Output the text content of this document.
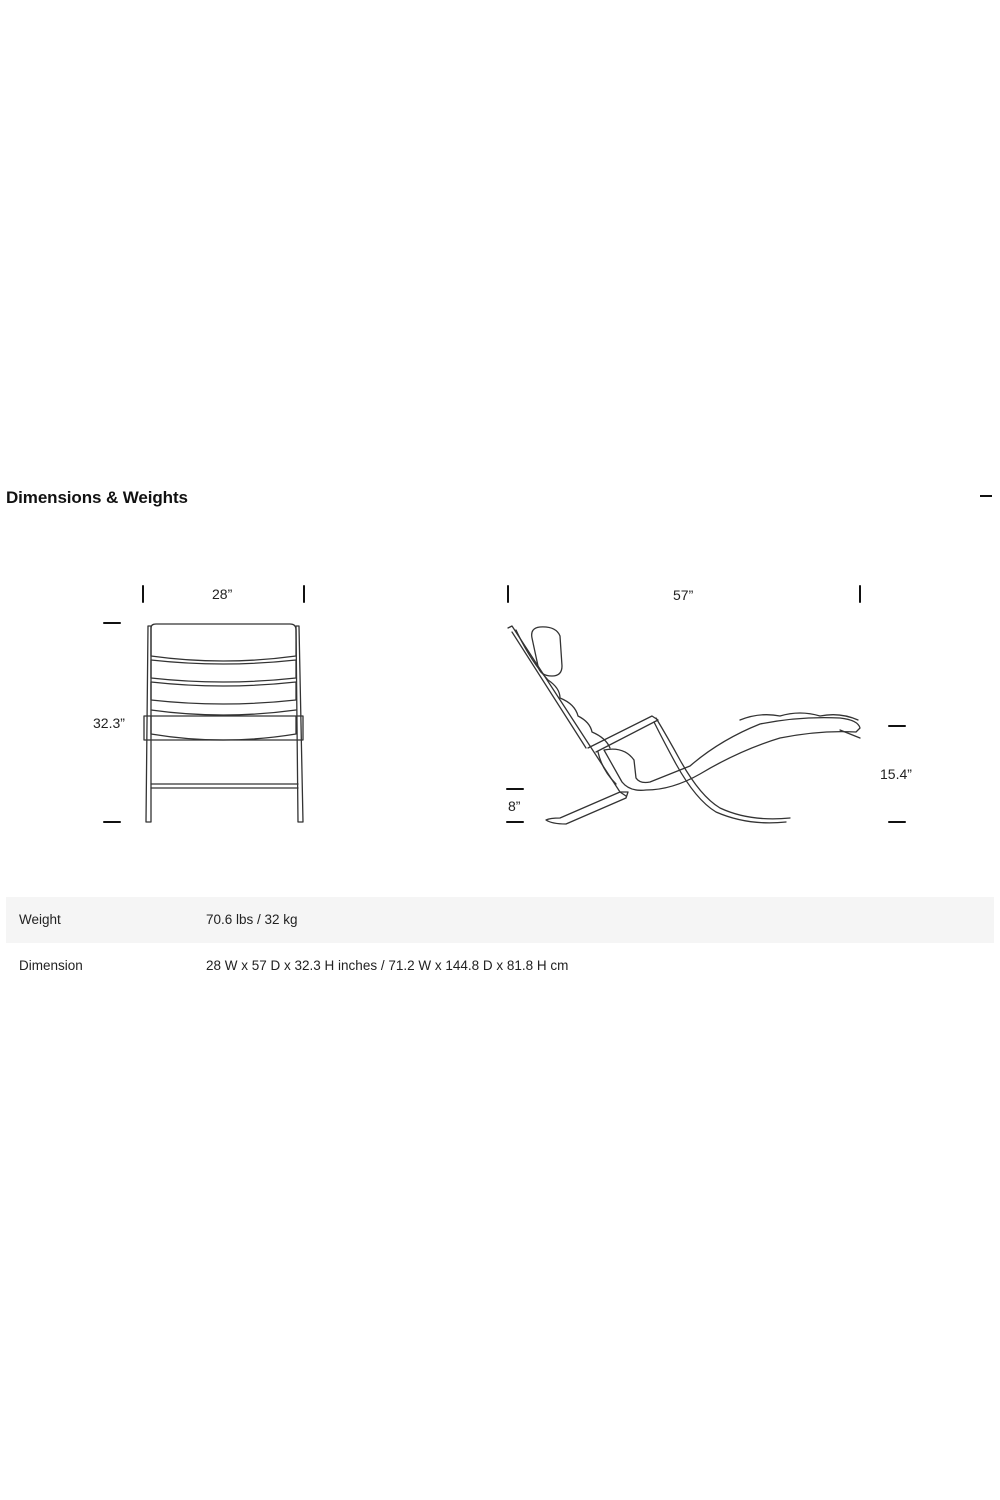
Dimensions & Weights
28”
32.3”
57”
15.4”
8”
Weight	70.6 lbs / 32 kg
Dimension	28 W x 57 D x 32.3 H inches / 71.2 W x 144.8 D x 81.8 H cm
